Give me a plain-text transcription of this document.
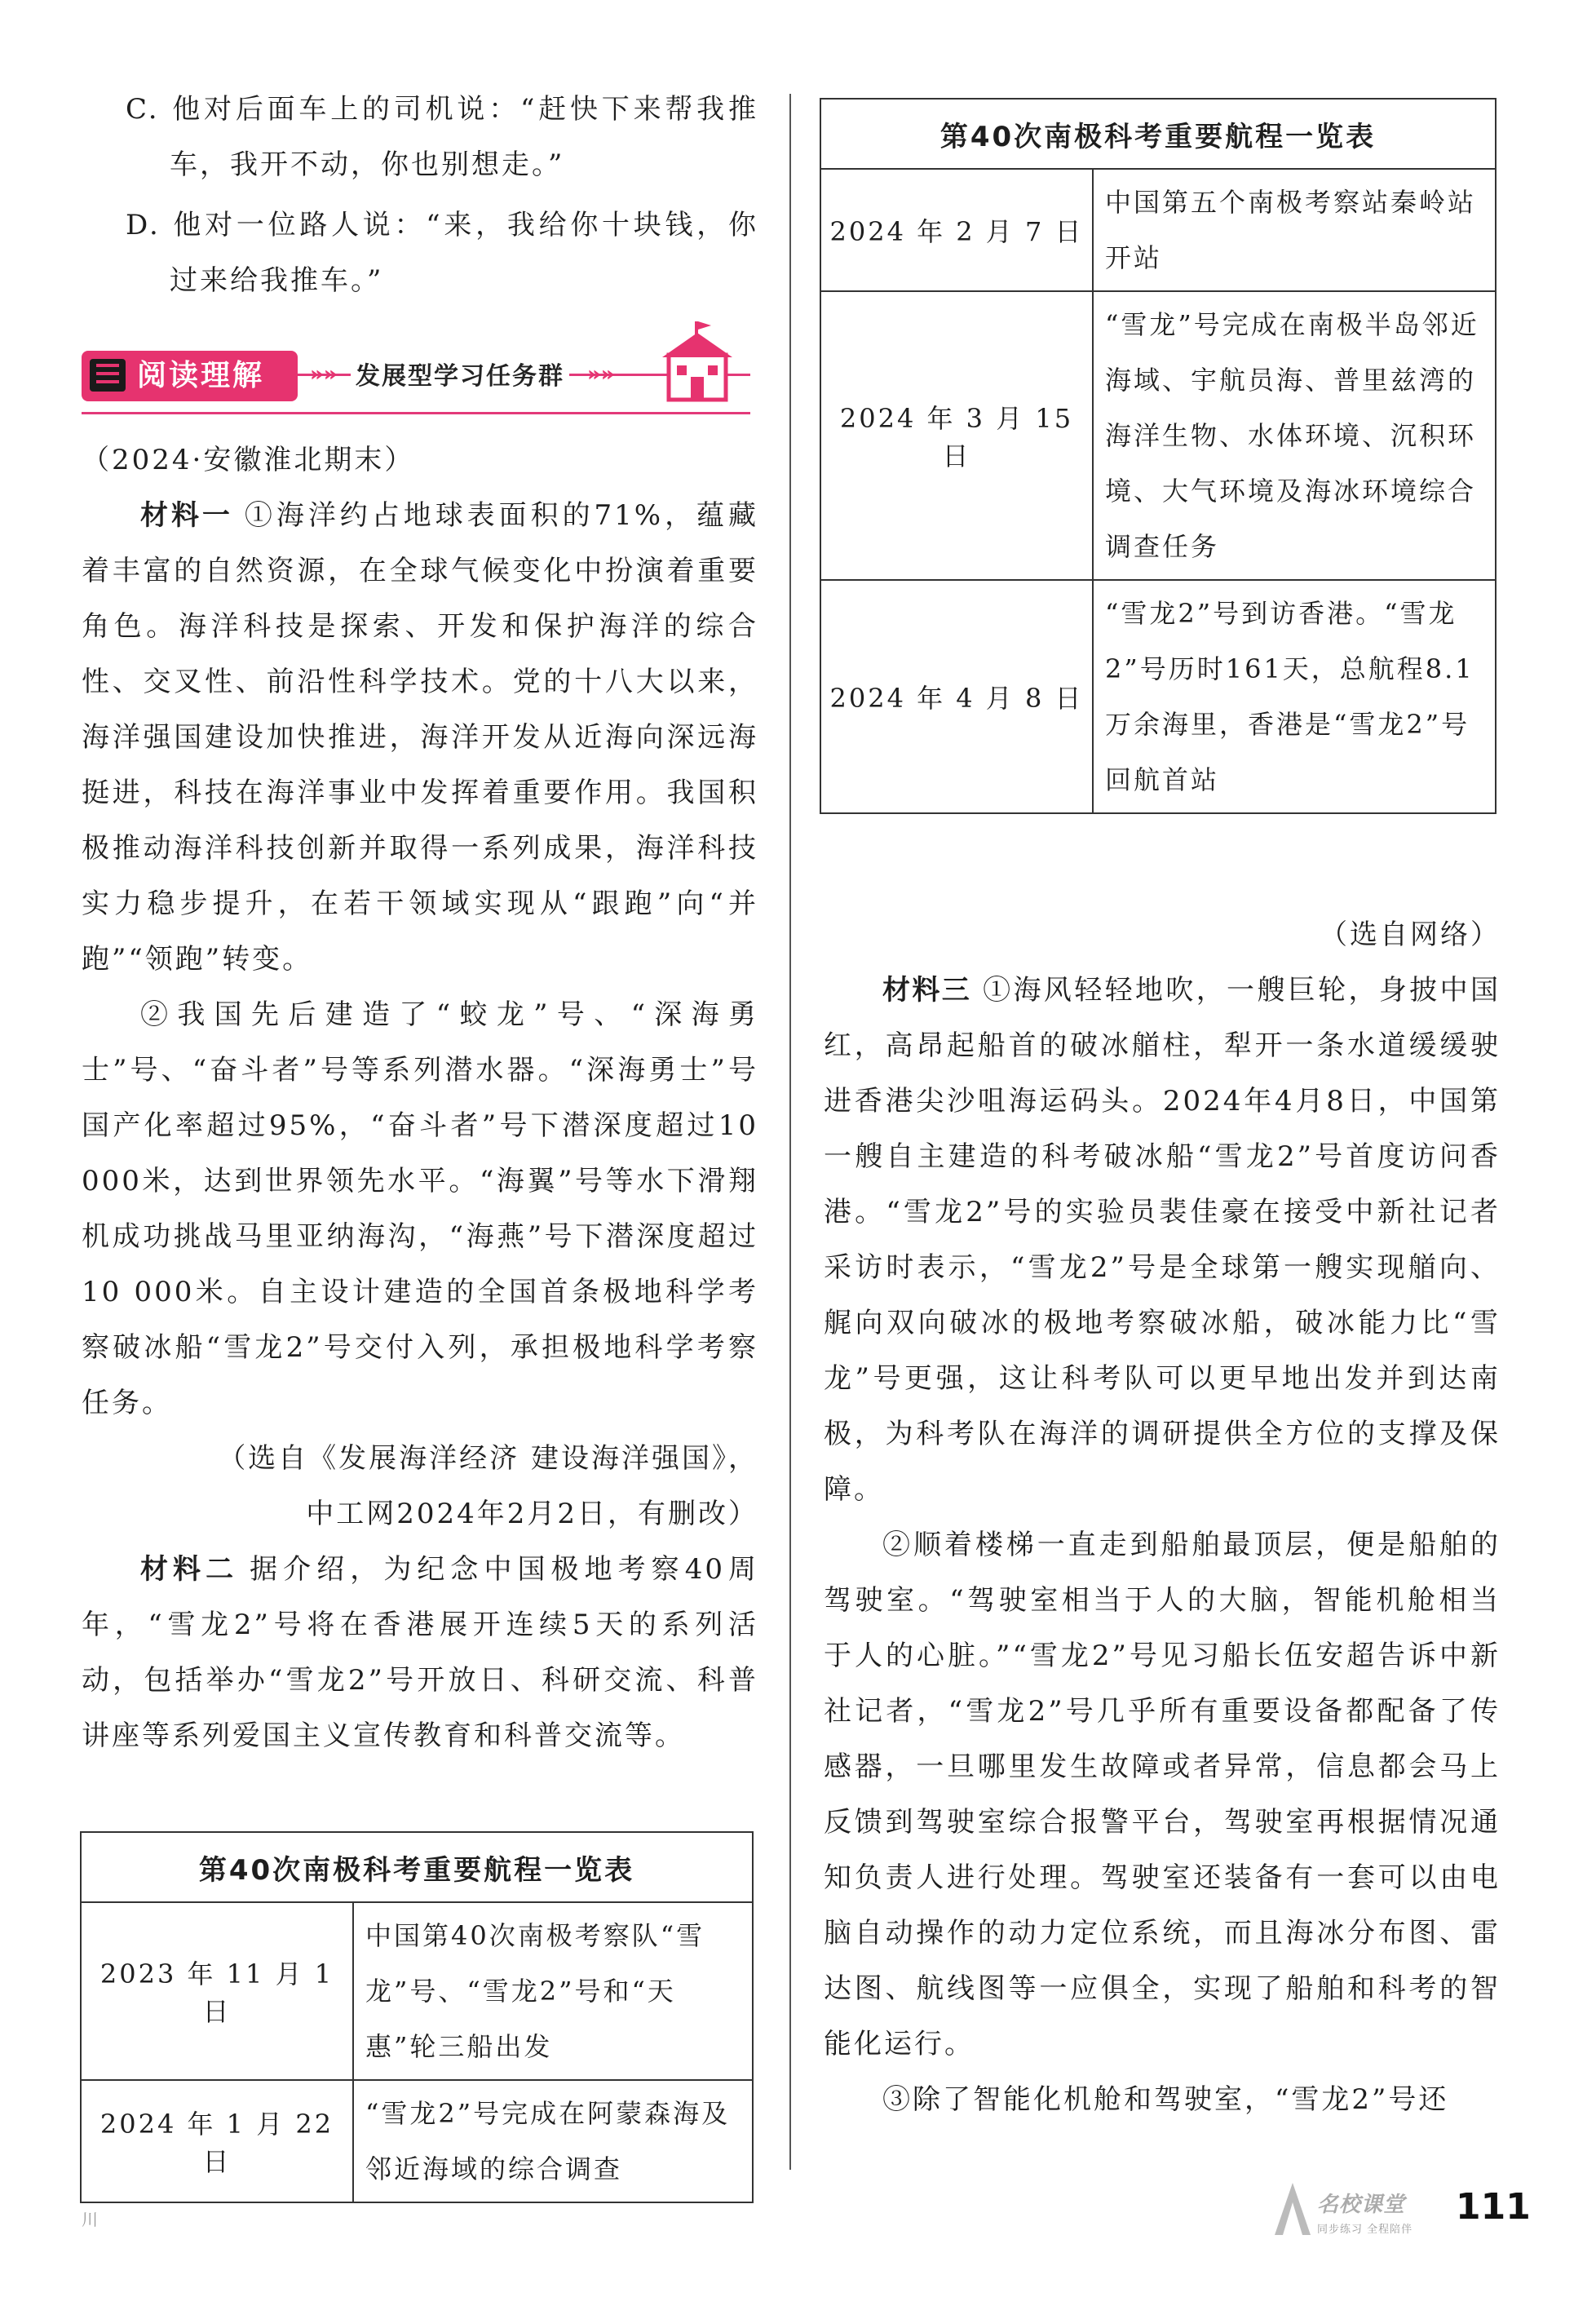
C. 他对后面车上的司机说：“赶快下来帮我推车，我开不动，你也别想走。”

D. 他对一位路人说：“来，我给你十块钱，你过来给我推车。”

阅读理解 »» 发展型学习任务群 »»

（2024·安徽淮北期末）

材料一 ①海洋约占地球表面积的71%，蕴藏着丰富的自然资源，在全球气候变化中扮演着重要角色。海洋科技是探索、开发和保护海洋的综合性、交叉性、前沿性科学技术。党的十八大以来，海洋强国建设加快推进，海洋开发从近海向深远海挺进，科技在海洋事业中发挥着重要作用。我国积极推动海洋科技创新并取得一系列成果，海洋科技实力稳步提升，在若干领域实现从“跟跑”向“并跑”“领跑”转变。

②我国先后建造了“蛟龙”号、“深海勇士”号、“奋斗者”号等系列潜水器。“深海勇士”号国产化率超过95%，“奋斗者”号下潜深度超过10 000米，达到世界领先水平。“海翼”号等水下滑翔机成功挑战马里亚纳海沟，“海燕”号下潜深度超过10 000米。自主设计建造的全国首条极地科学考察破冰船“雪龙2”号交付入列，承担极地科学考察任务。

（选自《发展海洋经济 建设海洋强国》，

中工网2024年2月2日，有删改）

材料二 据介绍，为纪念中国极地考察40周年，“雪龙2”号将在香港展开连续5天的系列活动，包括举办“雪龙2”号开放日、科研交流、科普讲座等系列爱国主义宣传教育和科普交流等。

第40次南极科考重要航程一览表	
2023 年 11 月 1 日	中国第40次南极考察队“雪龙”号、“雪龙2”号和“天惠”轮三船出发
2024 年 1 月 22 日	“雪龙2”号完成在阿蒙森海及邻近海域的综合调查
第40次南极科考重要航程一览表	
2024 年 2 月 7 日	中国第五个南极考察站秦岭站开站
2024 年 3 月 15 日	“雪龙”号完成在南极半岛邻近海域、宇航员海、普里兹湾的海洋生物、水体环境、沉积环境、大气环境及海冰环境综合调查任务
2024 年 4 月 8 日	“雪龙2”号到访香港。“雪龙2”号历时161天，总航程8.1万余海里，香港是“雪龙2”号回航首站

（选自网络）

材料三 ①海风轻轻地吹，一艘巨轮，身披中国红，高昂起船首的破冰艏柱，犁开一条水道缓缓驶进香港尖沙咀海运码头。2024年4月8日，中国第一艘自主建造的科考破冰船“雪龙2”号首度访问香港。“雪龙2”号的实验员裴佳豪在接受中新社记者采访时表示，“雪龙2”号是全球第一艘实现艏向、艉向双向破冰的极地考察破冰船，破冰能力比“雪龙”号更强，这让科考队可以更早地出发并到达南极，为科考队在海洋的调研提供全方位的支撑及保障。

②顺着楼梯一直走到船舶最顶层，便是船舶的驾驶室。“驾驶室相当于人的大脑，智能机舱相当于人的心脏。”“雪龙2”号见习船长伍安超告诉中新社记者，“雪龙2”号几乎所有重要设备都配备了传感器，一旦哪里发生故障或者异常，信息都会马上反馈到驾驶室综合报警平台，驾驶室再根据情况通知负责人进行处理。驾驶室还装备有一套可以由电脑自动操作的动力定位系统，而且海冰分布图、雷达图、航线图等一应俱全，实现了船舶和科考的智能化运行。

③除了智能化机舱和驾驶室，“雪龙2”号还

川
名校课堂
同步练习 全程陪伴
111
